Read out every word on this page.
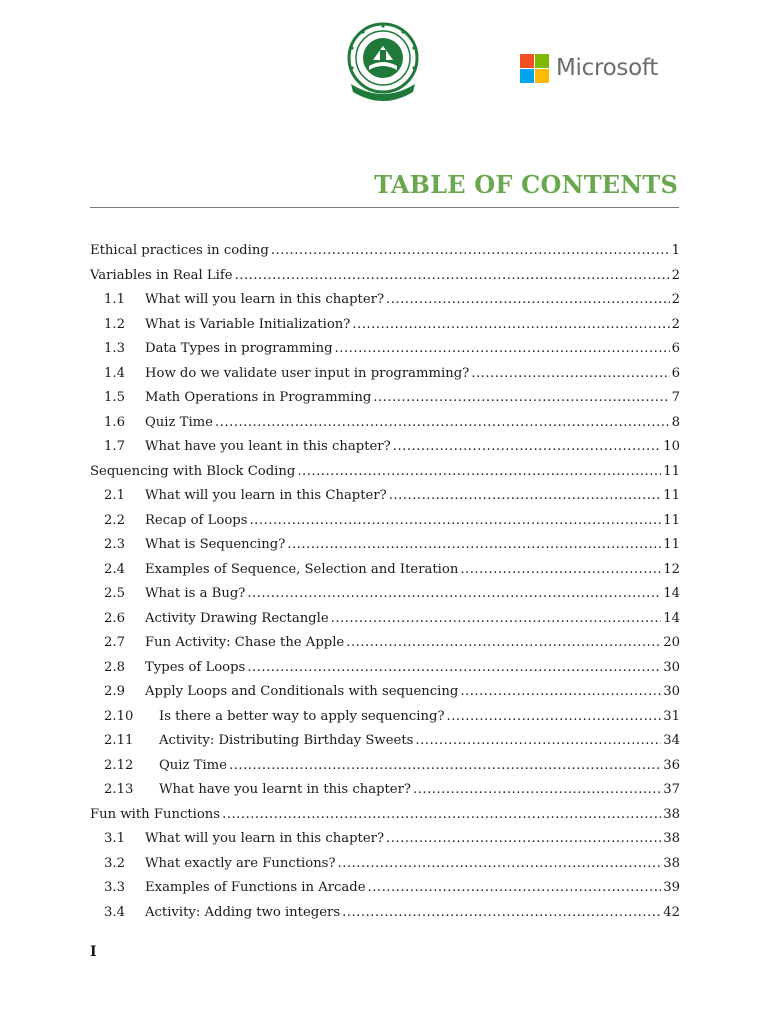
Microsoft
TABLE OF CONTENTS
Ethical practices in coding .....	1
Variables in Real Life .....	2
1.1	What will you learn in this chapter? .....	2
1.2	What is Variable Initialization? .....	2
1.3	Data Types in programming .....	6
1.4	How do we validate user input in programming? .....	6
1.5	Math Operations in Programming .....	7
1.6	Quiz Time .....	8
1.7	What have you leant in this chapter? .....	10
Sequencing with Block Coding .....	11
2.1	What will you learn in this Chapter? .....	11
2.2	Recap of Loops .....	11
2.3	What is Sequencing? .....	11
2.4	Examples of Sequence, Selection and Iteration .....	12
2.5	What is a Bug? .....	14
2.6	Activity Drawing Rectangle .....	14
2.7	Fun Activity: Chase the Apple .....	20
2.8	Types of Loops .....	30
2.9	Apply Loops and Conditionals with sequencing .....	30
2.10	Is there a better way to apply sequencing? .....	31
2.11	Activity: Distributing Birthday Sweets .....	34
2.12	Quiz Time .....	36
2.13	What have you learnt in this chapter? .....	37
Fun with Functions .....	38
3.1	What will you learn in this chapter? .....	38
3.2	What exactly are Functions? .....	38
3.3	Examples of Functions in Arcade .....	39
3.4	Activity: Adding two integers .....	42
I
